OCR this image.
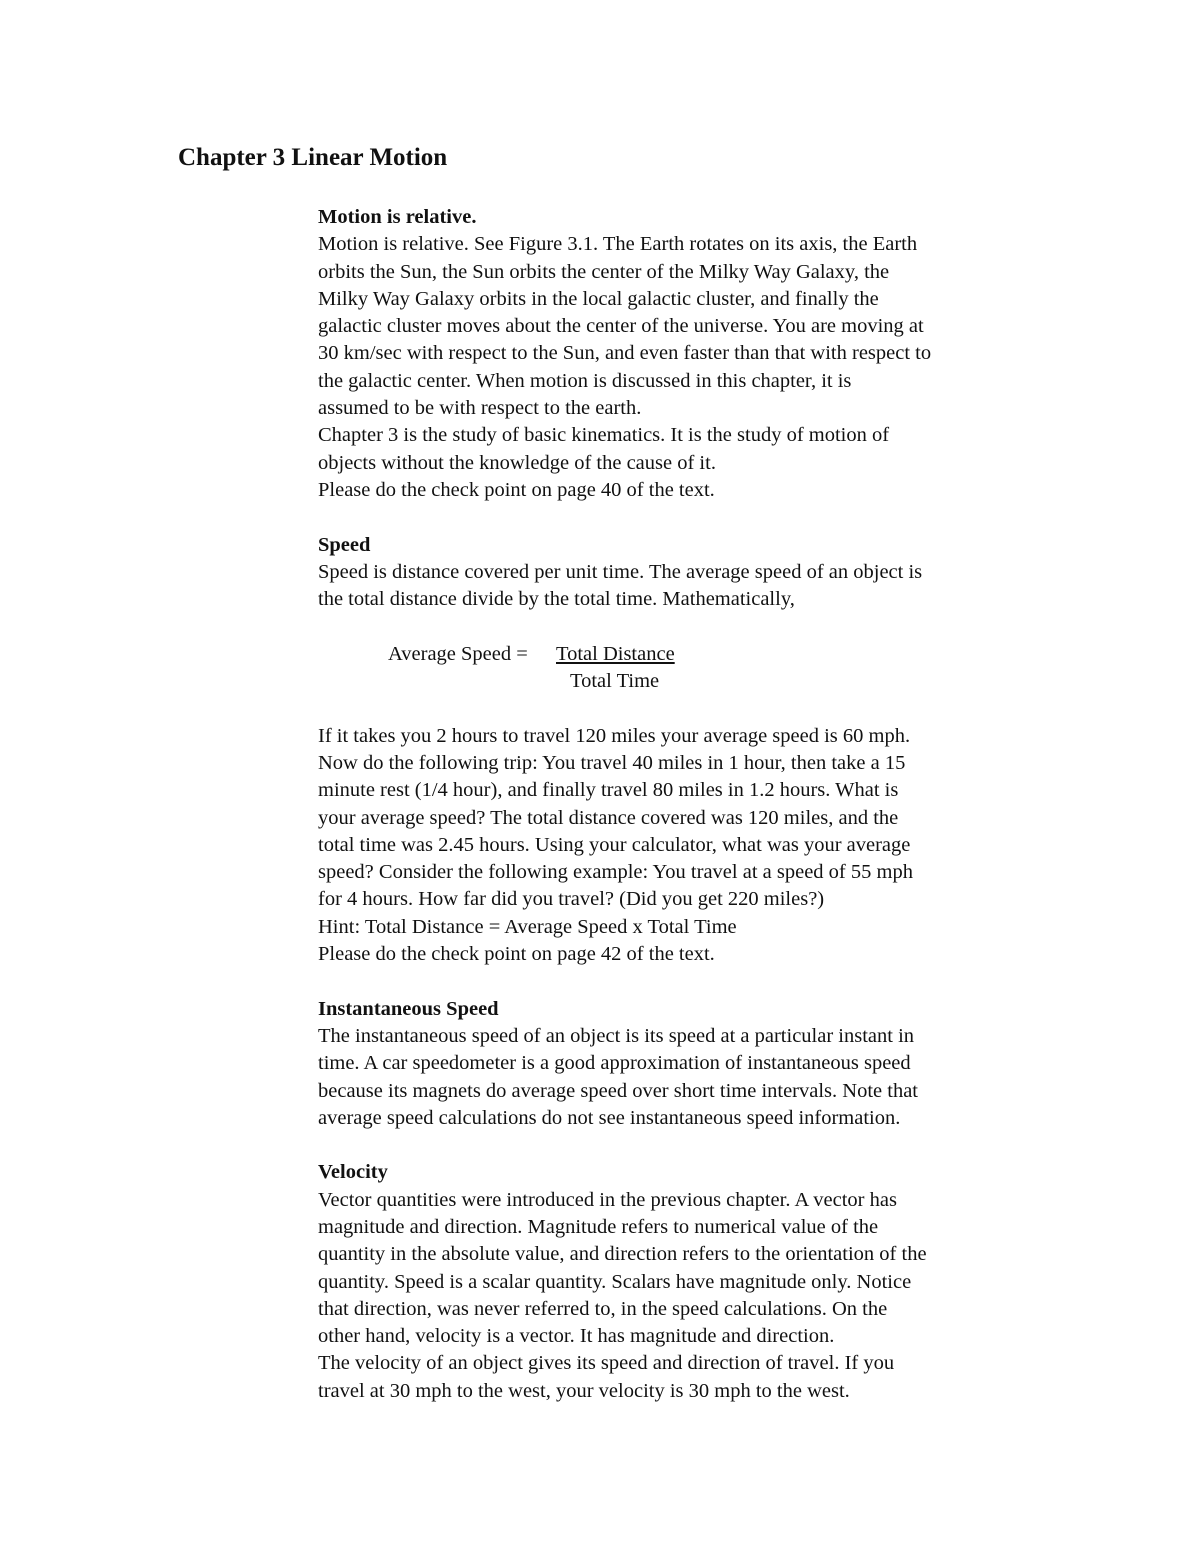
Chapter 3 Linear Motion
Motion is relative.
Motion is relative. See Figure 3.1. The Earth rotates on its axis, the Earth
orbits the Sun, the Sun orbits the center of the Milky Way Galaxy, the
Milky Way Galaxy orbits in the local galactic cluster, and finally the
galactic cluster moves about the center of the universe. You are moving at
30 km/sec with respect to the Sun, and even faster than that with respect to
the galactic center. When motion is discussed in this chapter, it is
assumed to be with respect to the earth.
Chapter 3 is the study of basic kinematics. It is the study of motion of
objects without the knowledge of the cause of it.
Please do the check point on page 40 of the text.
Speed
Speed is distance covered per unit time. The average speed of an object is
the total distance divide by the total time. Mathematically,
Average Speed = Total Distance
Total Time
If it takes you 2 hours to travel 120 miles your average speed is 60 mph.
Now do the following trip: You travel 40 miles in 1 hour, then take a 15
minute rest (1/4 hour), and finally travel 80 miles in 1.2 hours. What is
your average speed? The total distance covered was 120 miles, and the
total time was 2.45 hours. Using your calculator, what was your average
speed? Consider the following example: You travel at a speed of 55 mph
for 4 hours. How far did you travel? (Did you get 220 miles?)
Hint: Total Distance = Average Speed x Total Time
Please do the check point on page 42 of the text.
Instantaneous Speed
The instantaneous speed of an object is its speed at a particular instant in
time. A car speedometer is a good approximation of instantaneous speed
because its magnets do average speed over short time intervals. Note that
average speed calculations do not see instantaneous speed information.
Velocity
Vector quantities were introduced in the previous chapter. A vector has
magnitude and direction. Magnitude refers to numerical value of the
quantity in the absolute value, and direction refers to the orientation of the
quantity. Speed is a scalar quantity. Scalars have magnitude only. Notice
that direction, was never referred to, in the speed calculations. On the
other hand, velocity is a vector. It has magnitude and direction.
The velocity of an object gives its speed and direction of travel. If you
travel at 30 mph to the west, your velocity is 30 mph to the west.
